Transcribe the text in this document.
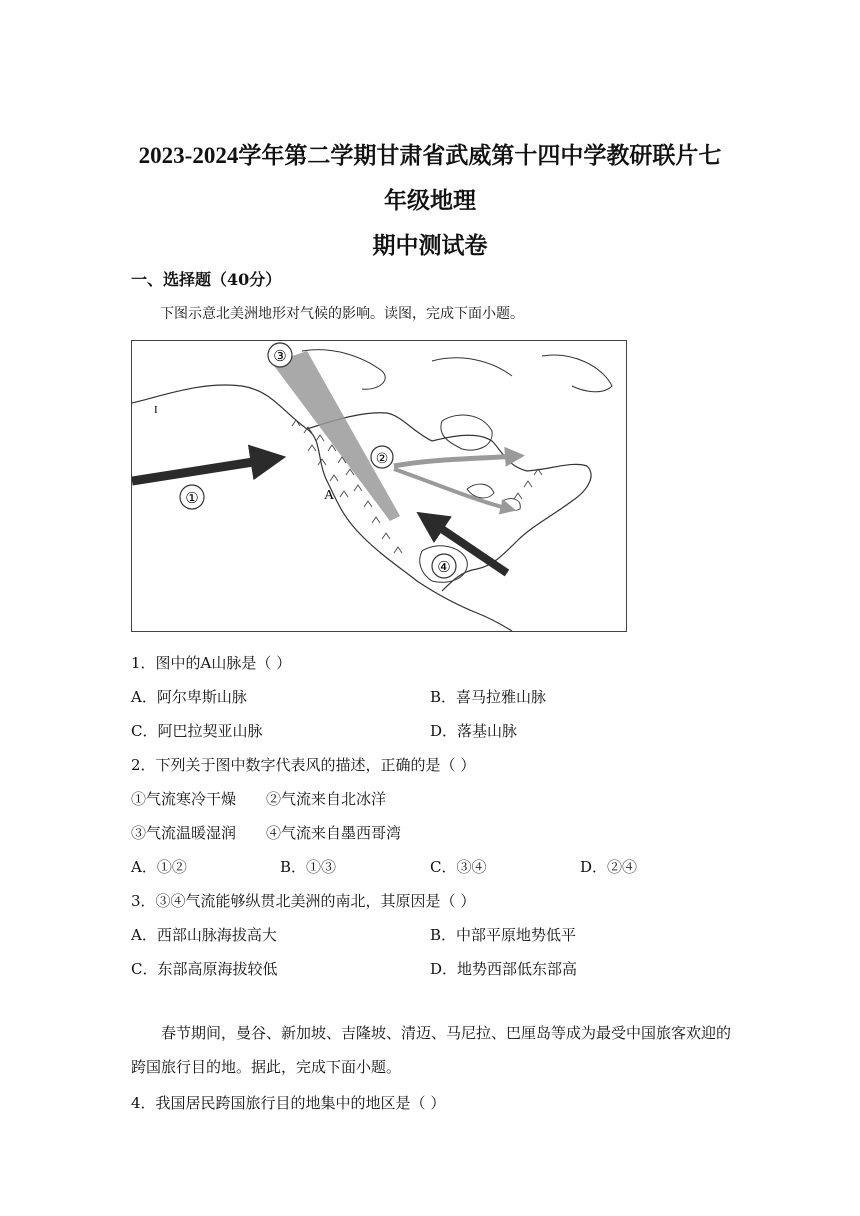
2023-2024学年第二学期甘肃省武威第十四中学教研联片七
年级地理
期中测试卷
一、选择题（40分）
下图示意北美洲地形对气候的影响。读图，完成下面小题。
③
②
①
④
A
I
1．图中的A山脉是（ ）
A．阿尔卑斯山脉	B．喜马拉雅山脉
C．阿巴拉契亚山脉	D．落基山脉
2．下列关于图中数字代表风的描述，正确的是（ ）
①气流寒冷干燥 ②气流来自北冰洋
③气流温暖湿润 ④气流来自墨西哥湾
A．①②	B．①③	C．③④	D．②④
3．③④气流能够纵贯北美洲的南北，其原因是（ ）
A．西部山脉海拔高大	B．中部平原地势低平
C．东部高原海拔较低	D．地势西部低东部高
春节期间，曼谷、新加坡、吉隆坡、清迈、马尼拉、巴厘岛等成为最受中国旅客欢迎的跨国旅行目的地。据此，完成下面小题。
4．我国居民跨国旅行目的地集中的地区是（ ）
